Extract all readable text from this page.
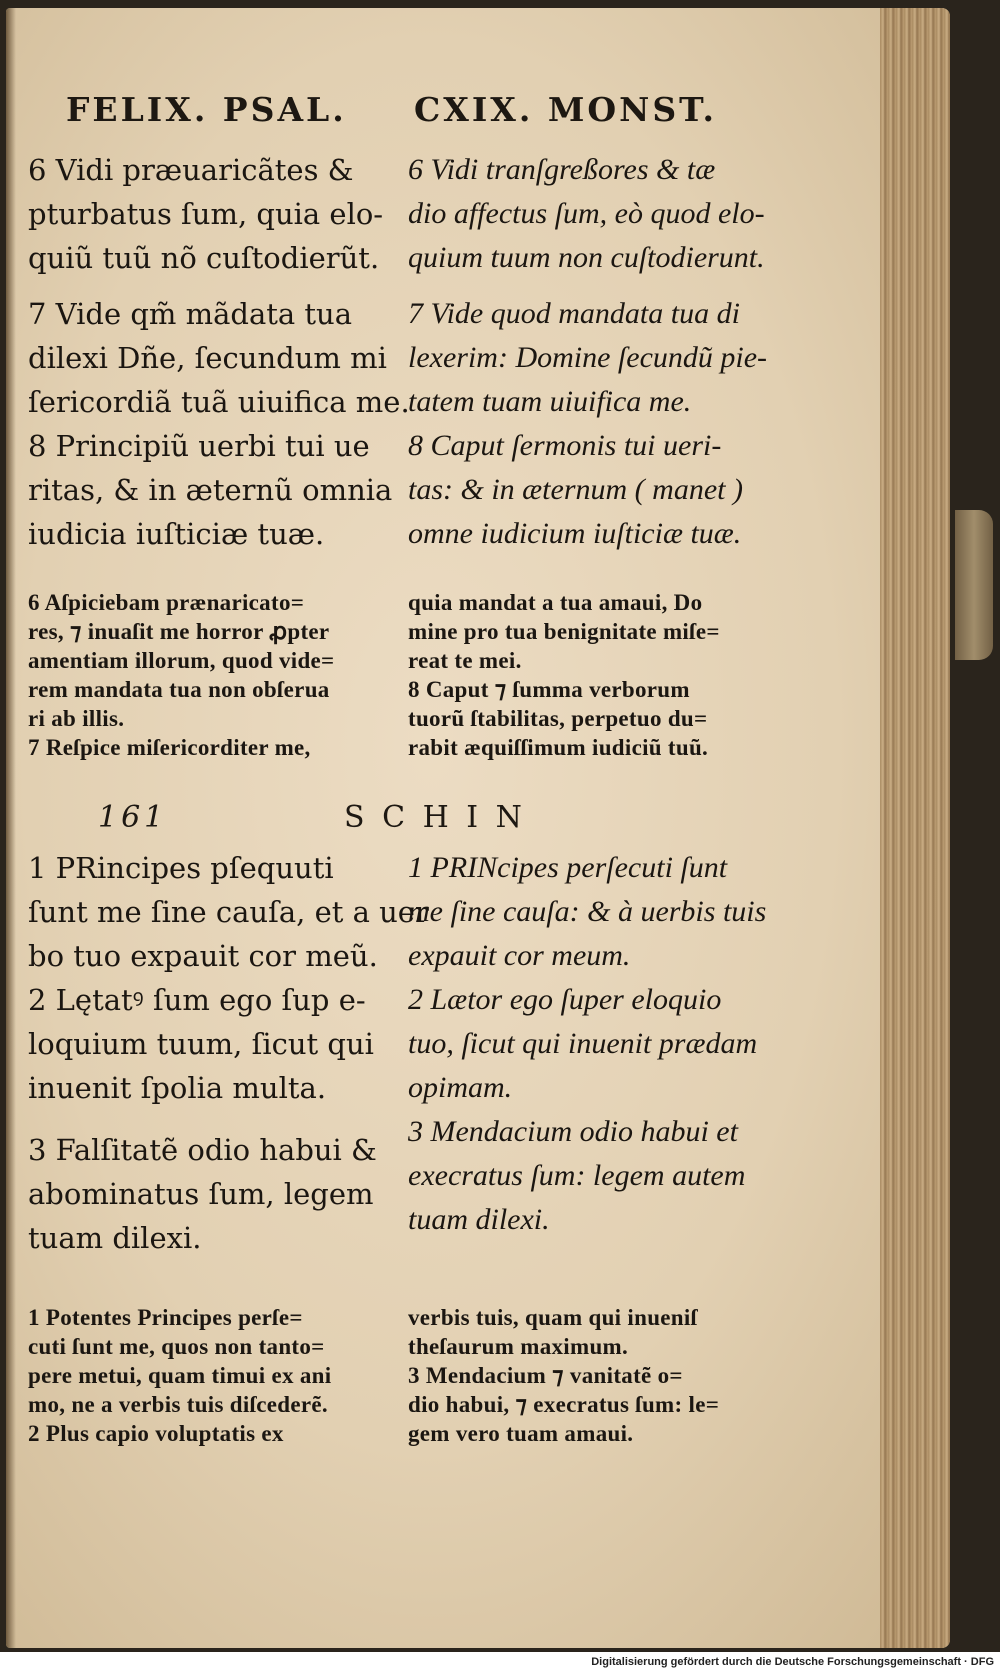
FELIX. PSAL. CXIX. MONST.
6 Vidi præuaricãtes &
pturbatus ſum, quia elo-
quiũ tuũ nõ cuſtodierũt.
7 Vide qm̃ mãdata tua
dilexi Dñe, ſecundum mi
ſericordiã tuã uiuifica me.
8 Principiũ uerbi tui ue
ritas, & in æternũ omnia
iudicia iuſticiæ tuæ.
6 Vidi tranſgreßores & tæ
dio affectus ſum, eò quod elo-
quium tuum non cuſtodierunt.
7 Vide quod mandata tua di
lexerim: Domine ſecundũ pie-
tatem tuam uiuifica me.
8 Caput ſermonis tui ueri-
tas: & in æternum ( manet )
omne iudicium iuſticiæ tuæ.
6 Aſpiciebam prænaricato=
res, ⁊ inuaſit me horror ꝓpter
amentiam illorum, quod vide=
rem mandata tua non obſerua
ri ab illis.
7 Reſpice miſericorditer me,
quia mandat a tua amaui, Do
mine pro tua benignitate miſe=
reat te mei.
8 Caput ⁊ ſumma verborum
tuorũ ſtabilitas, perpetuo du=
rabit æquiſſimum iudiciũ tuũ.
161	S C H I N
1 PRincipes pſequuti
ſunt me ſine cauſa, et a uer
bo tuo expauit cor meũ.
2 Lętatꝰ ſum ego ſup e-
loquium tuum, ſicut qui
inuenit ſpolia multa.
3 Falſitatẽ odio habui &
abominatus ſum, legem
tuam dilexi.
1 PRINcipes perſecuti ſunt
me ſine cauſa: & à uerbis tuis
expauit cor meum.
2 Lætor ego ſuper eloquio
tuo, ſicut qui inuenit prædam
opimam.
3 Mendacium odio habui et
execratus ſum: legem autem
tuam dilexi.
1 Potentes Principes perſe=
cuti ſunt me, quos non tanto=
pere metui, quam timui ex ani
mo, ne a verbis tuis diſcederẽ.
2 Plus capio voluptatis ex
verbis tuis, quam qui inueniſ
theſaurum maximum.
3 Mendacium ⁊ vanitatẽ o=
dio habui, ⁊ execratus ſum: le=
gem vero tuam amaui.
Digitalisierung gefördert durch die Deutsche Forschungsgemeinschaft · DFG
